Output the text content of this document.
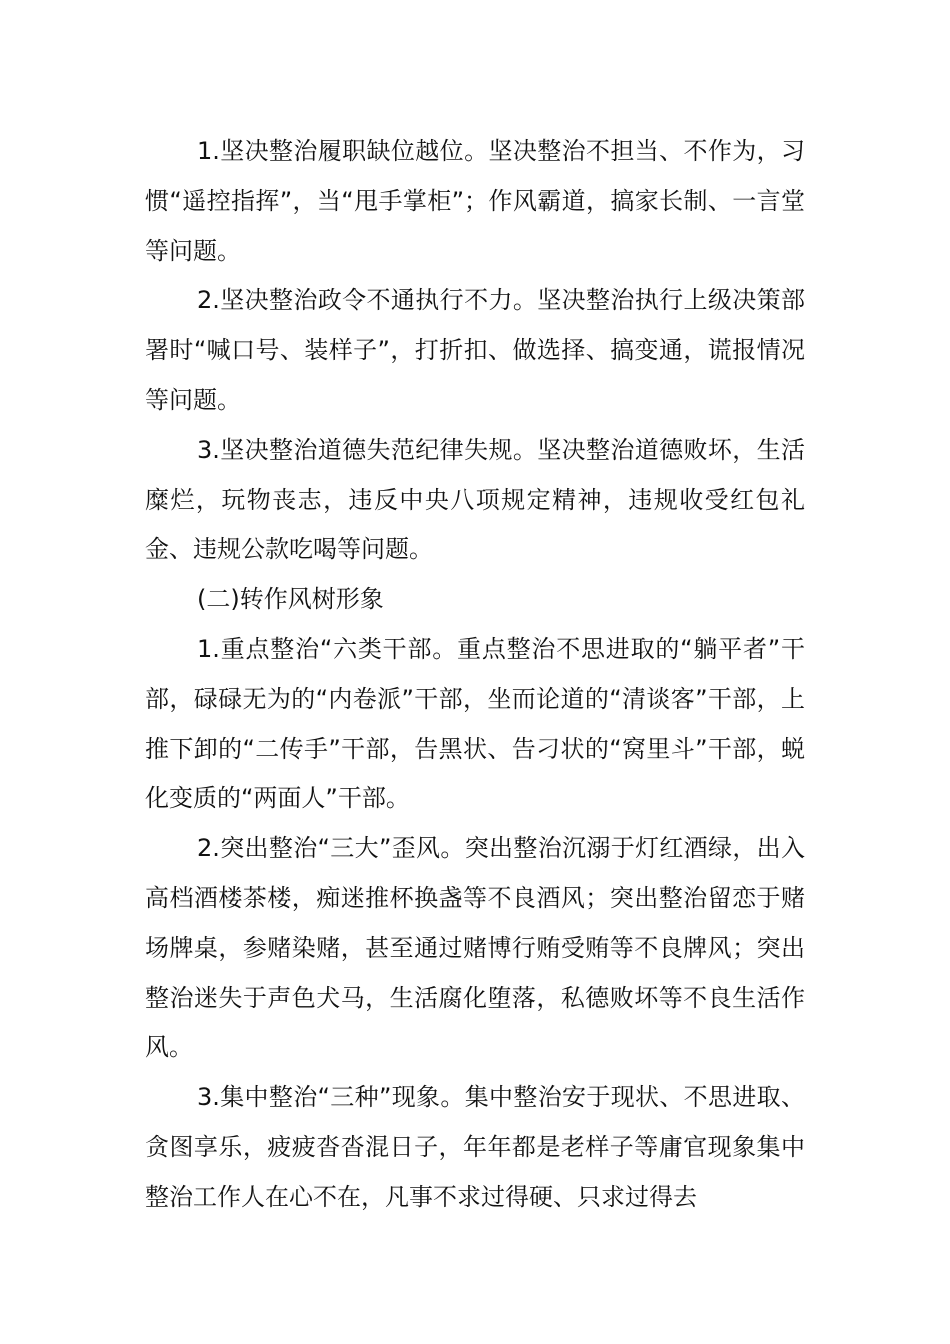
1.坚决整治履职缺位越位。坚决整治不担当、不作为，习惯“遥控指挥”，当“甩手掌柜”；作风霸道，搞家长制、一言堂等问题。

2.坚决整治政令不通执行不力。坚决整治执行上级决策部署时“喊口号、装样子”，打折扣、做选择、搞变通，谎报情况等问题。

3.坚决整治道德失范纪律失规。坚决整治道德败坏，生活糜烂，玩物丧志，违反中央八项规定精神，违规收受红包礼金、违规公款吃喝等问题。

(二)转作风树形象

1.重点整治“六类干部。重点整治不思进取的“躺平者”干部，碌碌无为的“内卷派”干部，坐而论道的“清谈客”干部，上推下卸的“二传手”干部，告黑状、告刁状的“窝里斗”干部，蜕化变质的“两面人”干部。

2.突出整治“三大”歪风。突出整治沉溺于灯红酒绿，出入高档酒楼茶楼，痴迷推杯换盏等不良酒风；突出整治留恋于赌场牌桌，参赌染赌，甚至通过赌博行贿受贿等不良牌风；突出整治迷失于声色犬马，生活腐化堕落，私德败坏等不良生活作风。

3.集中整治“三种”现象。集中整治安于现状、不思进取、贪图享乐，疲疲沓沓混日子，年年都是老样子等庸官现象集中整治工作人在心不在，凡事不求过得硬、只求过得去
